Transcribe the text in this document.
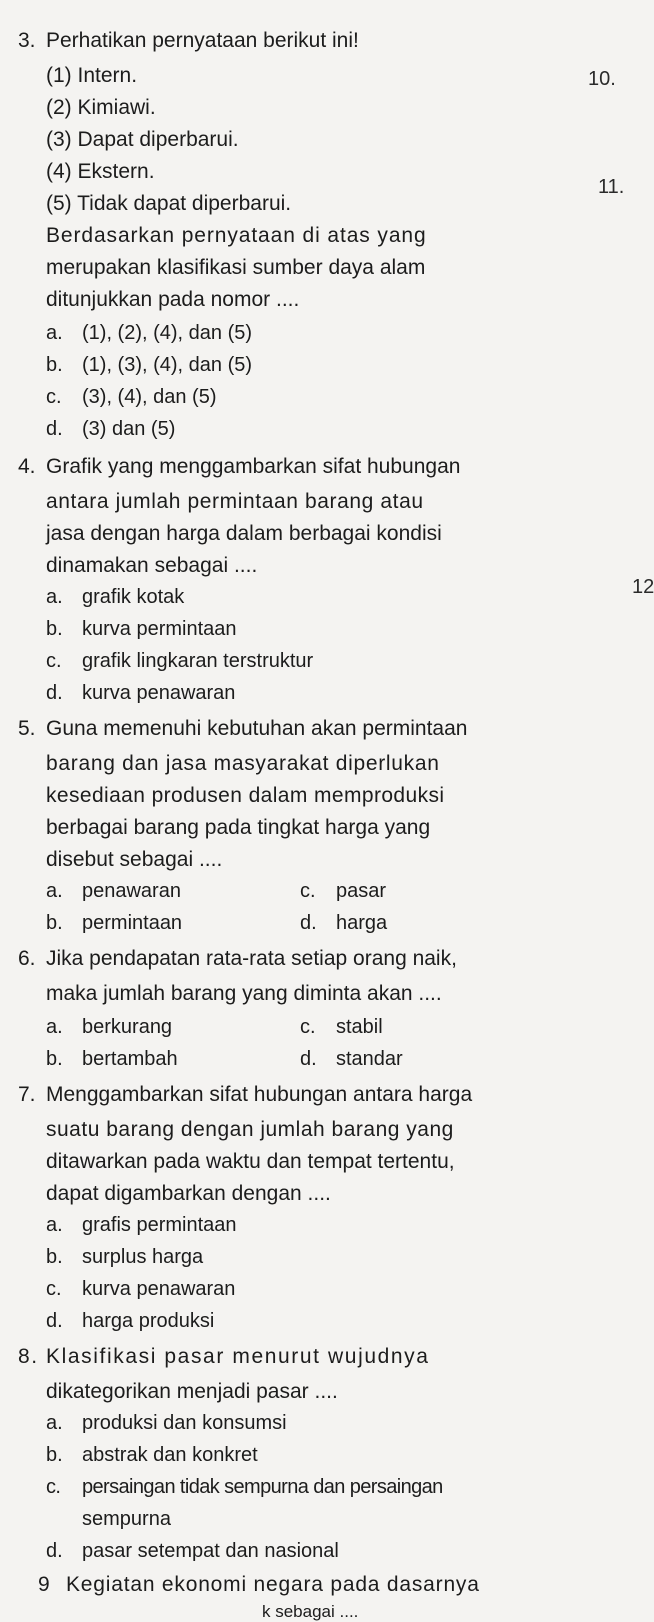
10.
11.
12
3. Perhatikan pernyataan berikut ini!
(1) Intern.
(2) Kimiawi.
(3) Dapat diperbarui.
(4) Ekstern.
(5) Tidak dapat diperbarui.
Berdasarkan pernyataan di atas yang
merupakan klasifikasi sumber daya alam
ditunjukkan pada nomor ....
a. (1), (2), (4), dan (5)
b. (1), (3), (4), dan (5)
c. (3), (4), dan (5)
d. (3) dan (5)
4. Grafik yang menggambarkan sifat hubungan
antara jumlah permintaan barang atau
jasa dengan harga dalam berbagai kondisi
dinamakan sebagai ....
a. grafik kotak
b. kurva permintaan
c. grafik lingkaran terstruktur
d. kurva penawaran
5. Guna memenuhi kebutuhan akan permintaan
barang dan jasa masyarakat diperlukan
kesediaan produsen dalam memproduksi
berbagai barang pada tingkat harga yang
disebut sebagai ....
a. penawaran	c. pasar
b. permintaan	d. harga
6. Jika pendapatan rata-rata setiap orang naik,
maka jumlah barang yang diminta akan ....
a. berkurang	c. stabil
b. bertambah	d. standar
7. Menggambarkan sifat hubungan antara harga
suatu barang dengan jumlah barang yang
ditawarkan pada waktu dan tempat tertentu,
dapat digambarkan dengan ....
a. grafis permintaan
b. surplus harga
c. kurva penawaran
d. harga produksi
8. Klasifikasi pasar menurut wujudnya
dikategorikan menjadi pasar ....
a. produksi dan konsumsi
b. abstrak dan konkret
c. persaingan tidak sempurna dan persaingan
sempurna
d. pasar setempat dan nasional
9 Kegiatan ekonomi negara pada dasarnya
k sebagai ....
